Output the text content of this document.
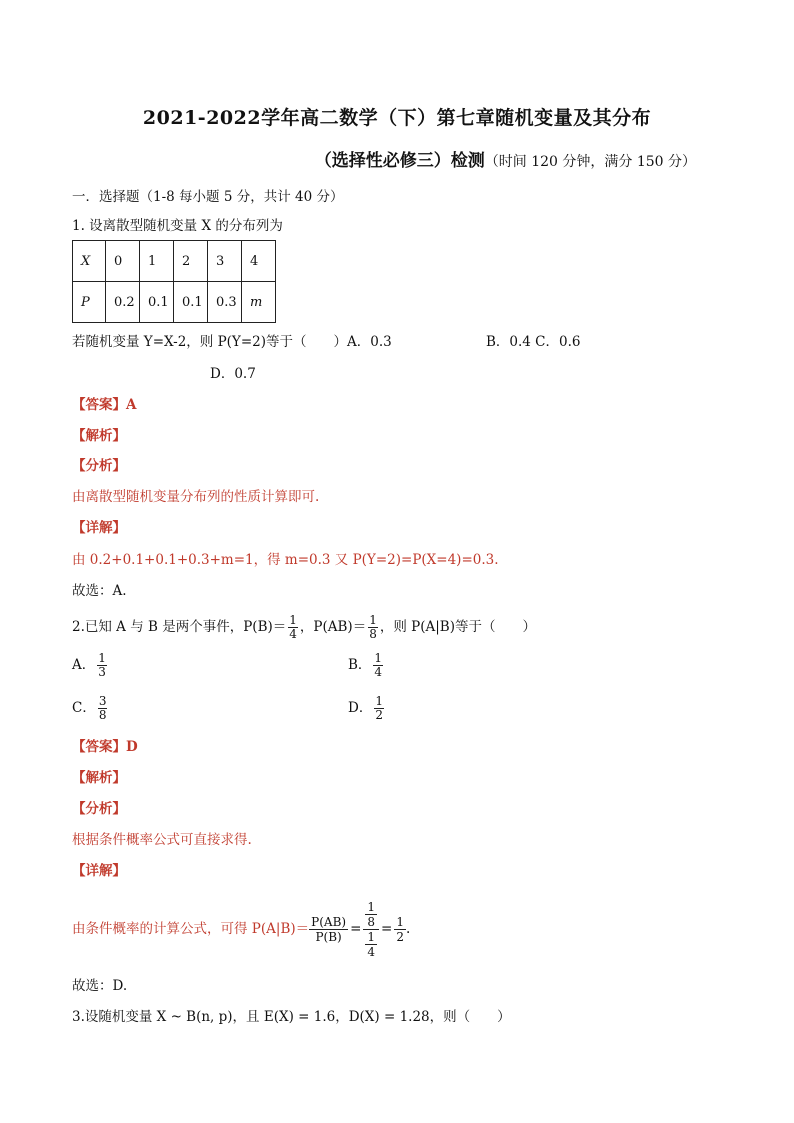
2021-2022学年高二数学（下）第七章随机变量及其分布
（选择性必修三）检测（时间 120 分钟，满分 150 分）
一．选择题（1-8 每小题 5 分，共计 40 分）
1. 设离散型随机变量 X 的分布列为
X	0	1	2	3	4
P	0.2	0.1	0.1	0.3	m
若随机变量 Y=X-2，则 P(Y=2)等于（　　）A．0.3	B．0.4 C．0.6
D．0.7
【答案】A
【解析】
【分析】
由离散型随机变量分布列的性质计算即可.
【详解】
由 0.2+0.1+0.1+0.3+m=1，得 m=0.3 又 P(Y=2)=P(X=4)=0.3.
故选：A.
2.已知 A 与 B 是两个事件，$P(B)= \frac{1}{4}$ ，$P(AB)= \frac{1}{8}$ ，则 P(A|B)等于（　　）
A． $\frac{1}{3}$	B． $\frac{1}{4}$
C． $\frac{3}{8}$	D． $\frac{1}{2}$
【答案】D
【解析】
【分析】
根据条件概率公式可直接求得.
【详解】
由条件概率的计算公式，可得 $P(A|B)= \frac{P(AB)}{P(B)} = \frac{\frac{1}{8}}{\frac{1}{4}} = \frac{1}{2}$ .
故选：D.
3.设随机变量 X ~ B(n, p)，且 E(X) = 1.6，D(X) = 1.28，则（　　）
